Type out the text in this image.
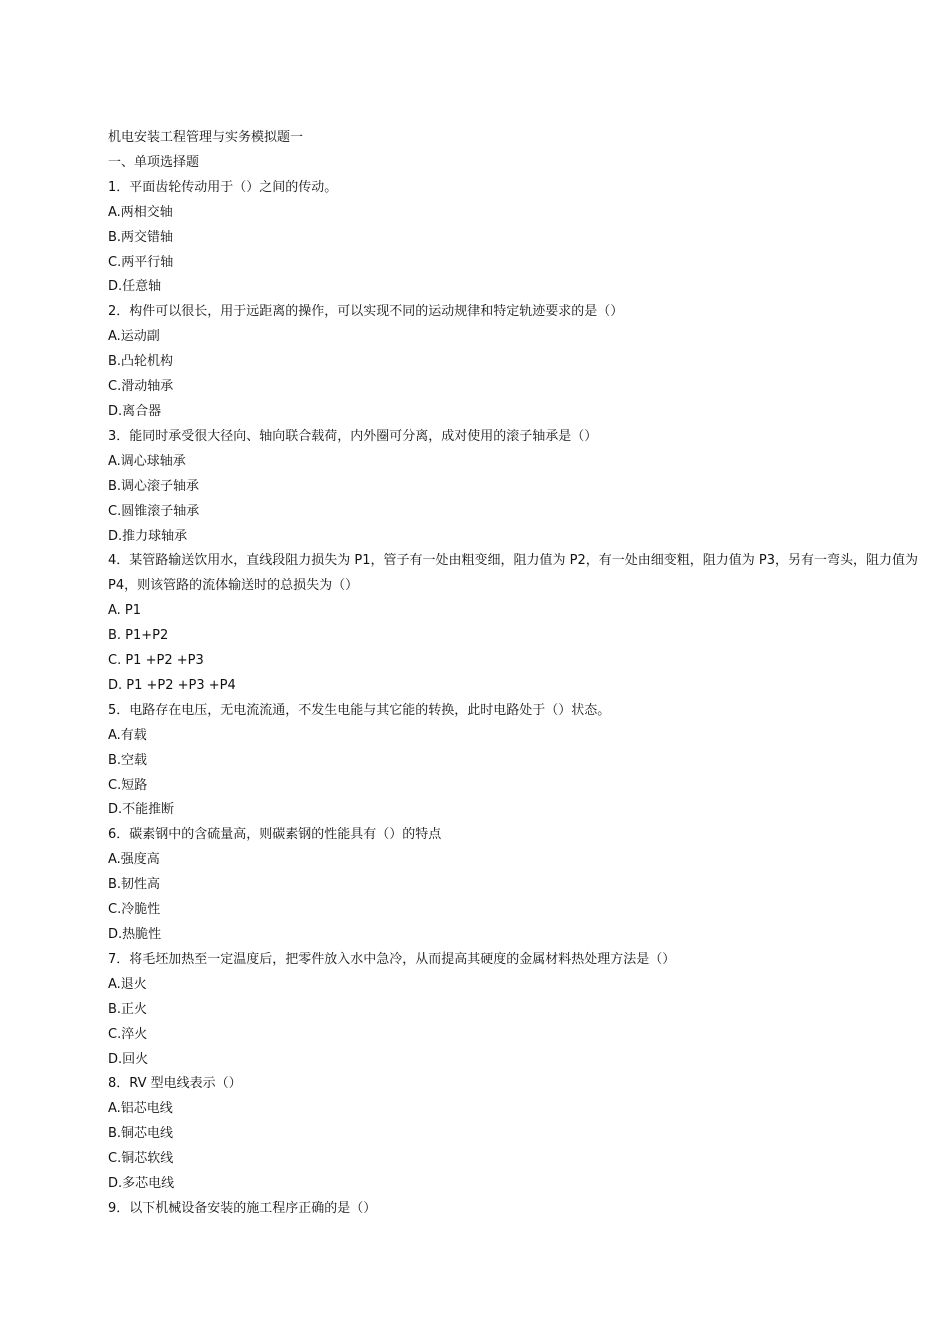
机电安装工程管理与实务模拟题一
一、单项选择题
1．平面齿轮传动用于（）之间的传动。
A.两相交轴
B.两交错轴
C.两平行轴
D.任意轴
2．构件可以很长，用于远距离的操作，可以实现不同的运动规律和特定轨迹要求的是（）
A.运动副
B.凸轮机构
C.滑动轴承
D.离合器
3．能同时承受很大径向、轴向联合载荷，内外圈可分离，成对使用的滚子轴承是（）
A.调心球轴承
B.调心滚子轴承
C.圆锥滚子轴承
D.推力球轴承
4．某管路输送饮用水，直线段阻力损失为 P1，管子有一处由粗变细，阻力值为 P2，有一处由细变粗，阻力值为 P3，另有一弯头，阻力值为 P4，则该管路的流体输送时的总损失为（）
A. P1
B. P1+P2
C. P1 +P2 +P3
D. P1 +P2 +P3 +P4
5．电路存在电压，无电流流通，不发生电能与其它能的转换，此时电路处于（）状态。
A.有载
B.空载
C.短路
D.不能推断
6．碳素钢中的含硫量高，则碳素钢的性能具有（）的特点
A.强度高
B.韧性高
C.冷脆性
D.热脆性
7．将毛坯加热至一定温度后，把零件放入水中急冷，从而提高其硬度的金属材料热处理方法是（）
A.退火
B.正火
C.淬火
D.回火
8．RV 型电线表示（）
A.铝芯电线
B.铜芯电线
C.铜芯软线
D.多芯电线
9．以下机械设备安装的施工程序正确的是（）
